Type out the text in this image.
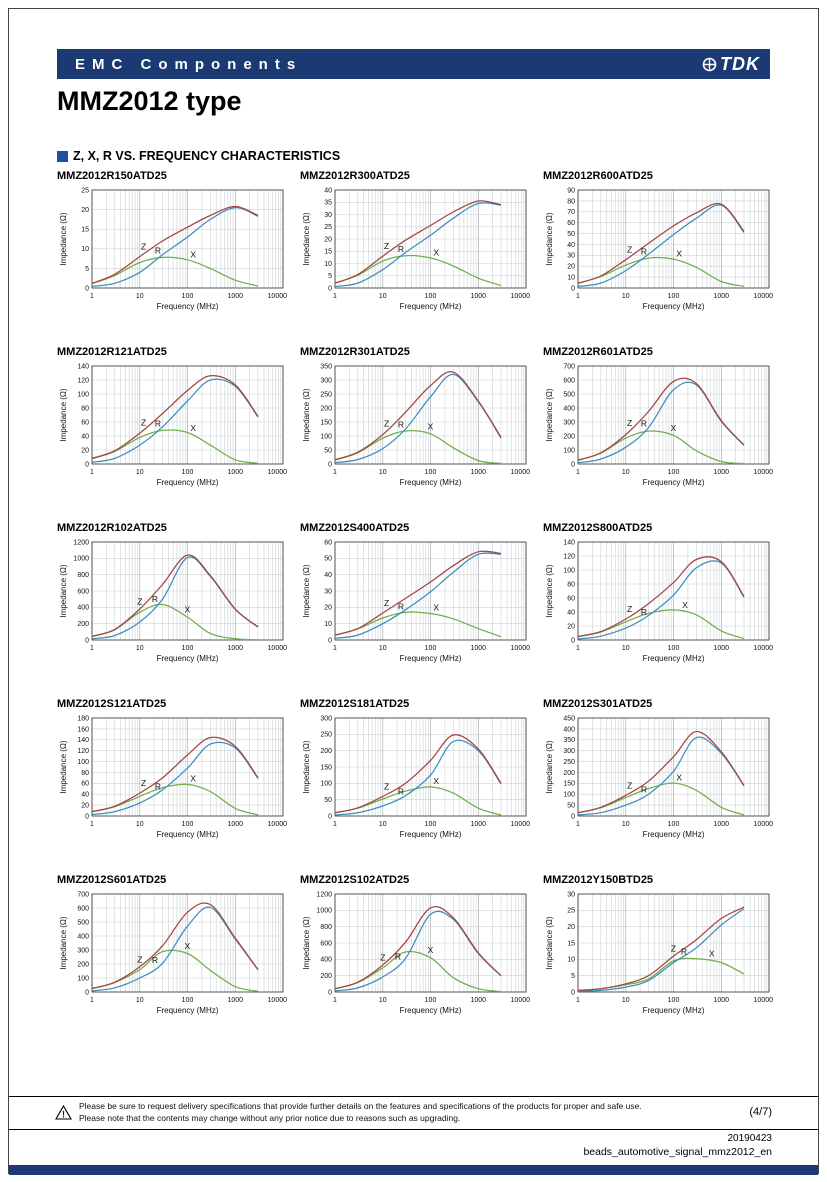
EMC Components	TDK
MMZ2012 type
Z, X, R VS. FREQUENCY CHARACTERISTICS
MMZ2012R150ATD25
0
5
10
15
20
25
1	10	100	1000	10000
Frequency (MHz)
Impedance (Ω)	Z R	X
MMZ2012R300ATD25
0
5
10
15
20
25
30
35
40
1	10	100	1000	10000
Frequency (MHz)
Impedance (Ω)	Z R	X
MMZ2012R600ATD25
0
10
20
30
40
50
60
70
80
90
1	10	100	1000	10000
Frequency (MHz)
Impedance (Ω)	Z R	X
MMZ2012R121ATD25
0
20
40
60
80
100
120
140
1	10	100	1000	10000
Frequency (MHz)
Impedance (Ω)	Z R	X
MMZ2012R301ATD25
0
50
100
150
200
250
300
350
1	10	100	1000	10000
Frequency (MHz)
Impedance (Ω)	Z R	X
MMZ2012R601ATD25
0
100
200
300
400
500
600
700
1	10	100	1000	10000
Frequency (MHz)
Impedance (Ω)	Z R	X
MMZ2012R102ATD25
0
200
400
600
800
1000
1200
1	10	100	1000	10000
Frequency (MHz)
Impedance (Ω)	Z R
X
MMZ2012S400ATD25
0
10
20
30
40
50
60
1	10	100	1000	10000
Frequency (MHz)
Impedance (Ω)	Z R	X
MMZ2012S800ATD25
0
20
40
60
80
100
120
140
1	10	100	1000	10000
Frequency (MHz)
Impedance (Ω)	Z R
X
MMZ2012S121ATD25
0
20
40
60
80
100
120
140
160
180
1	10	100	1000	10000
Frequency (MHz)
Impedance (Ω)	Z R
X
MMZ2012S181ATD25
0
50
100
150
200
250
300
1	10	100	1000	10000
Frequency (MHz)
Impedance (Ω)	Z R
X
MMZ2012S301ATD25
0
50
100
150
200
250
300
350
400
450
1	10	100	1000	10000
Frequency (MHz)
Impedance (Ω)	Z R
X
MMZ2012S601ATD25
0
100
200
300
400
500
600
700
1	10	100	1000	10000
Frequency (MHz)
Impedance (Ω)	Z R
X
MMZ2012S102ATD25
0
200
400
600
800
1000
1200
1	10	100	1000	10000
Frequency (MHz)
Impedance (Ω)	Z R
X
MMZ2012Y150BTD25
0
5
10
15
20
25
30
1	10	100	1000	10000
Frequency (MHz)
Impedance (Ω)	Z R	X
!
Please be sure to request delivery specifications that provide further details on the features and specifications of the products for proper and safe use.
Please note that the contents may change without any prior notice due to reasons such as upgrading.	(4/7)
20190423
beads_automotive_signal_mmz2012_en
